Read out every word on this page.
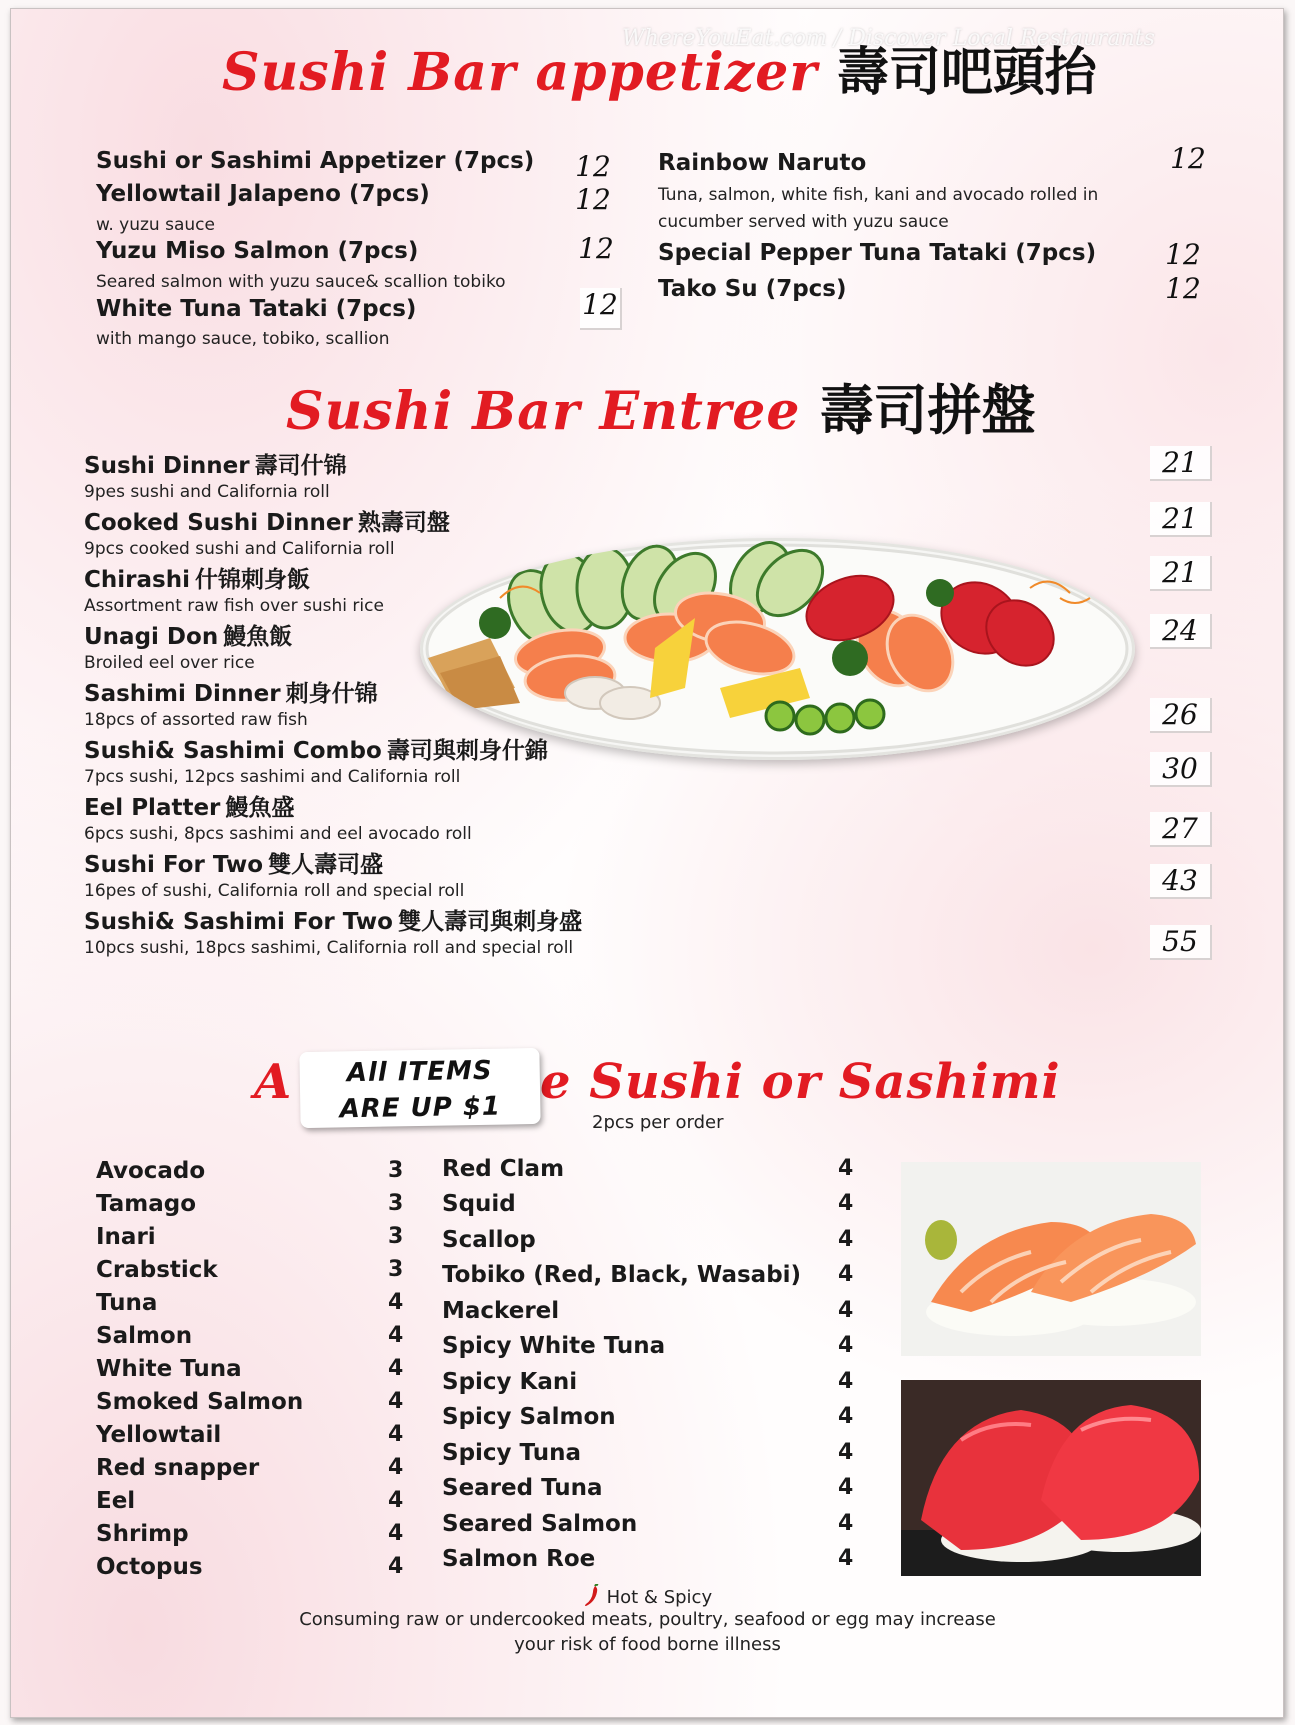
WhereYouEat.com / Discover Local Restaurants
Sushi Bar appetizer 壽司吧頭抬
Sushi or Sashimi Appetizer (7pcs) 12
Yellowtail Jalapeno (7pcs)	12
w. yuzu sauce
Yuzu Miso Salmon (7pcs)	12
Seared salmon with yuzu sauce& scallion tobiko
White Tuna Tataki (7pcs)	12
with mango sauce, tobiko, scallion
Rainbow Naruto	12
Tuna, salmon, white fish, kani and avocado rolled in
cucumber served with yuzu sauce
Special Pepper Tuna Tataki (7pcs) 12
Tako Su (7pcs)	12
Sushi Bar Entree 壽司拼盤
Sushi Dinner 壽司什锦
9pes sushi and California roll
21
Cooked Sushi Dinner 熟壽司盤
9pcs cooked sushi and California roll
21
Chirashi 什锦刺身飯
Assortment raw fish over sushi rice
21
Unagi Don 鰻魚飯
Broiled eel over rice
24
Sashimi Dinner 刺身什锦
18pcs of assorted raw fish	26
Sushi& Sashimi Combo 壽司與刺身什錦
7pcs sushi, 12pcs sashimi and California roll	30
Eel Platter 鰻魚盛
6pcs sushi, 8pcs sashimi and eel avocado roll	27
Sushi For Two 雙人壽司盛
16pes of sushi, California roll and special roll	43
Sushi& Sashimi For Two 雙人壽司與刺身盛
10pcs sushi, 18pcs sashimi, California roll and special roll	55
A	e Sushi or Sashimi
2pcs per order
All ITEMS
ARE UP $1
Avocado	3
Tamago	3
Inari	3
Crabstick	3
Tuna	4
Salmon	4
White Tuna	4
Smoked Salmon	4
Yellowtail	4
Red snapper	4
Eel	4
Shrimp	4
Octopus	4
Red Clam	4
Squid	4
Scallop	4
Tobiko (Red, Black, Wasabi) 4
Mackerel	4
Spicy White Tuna	4
Spicy Kani	4
Spicy Salmon	4
Spicy Tuna	4
Seared Tuna	4
Seared Salmon	4
Salmon Roe	4
Hot & Spicy
Consuming raw or undercooked meats, poultry, seafood or egg may increase
your risk of food borne illness
